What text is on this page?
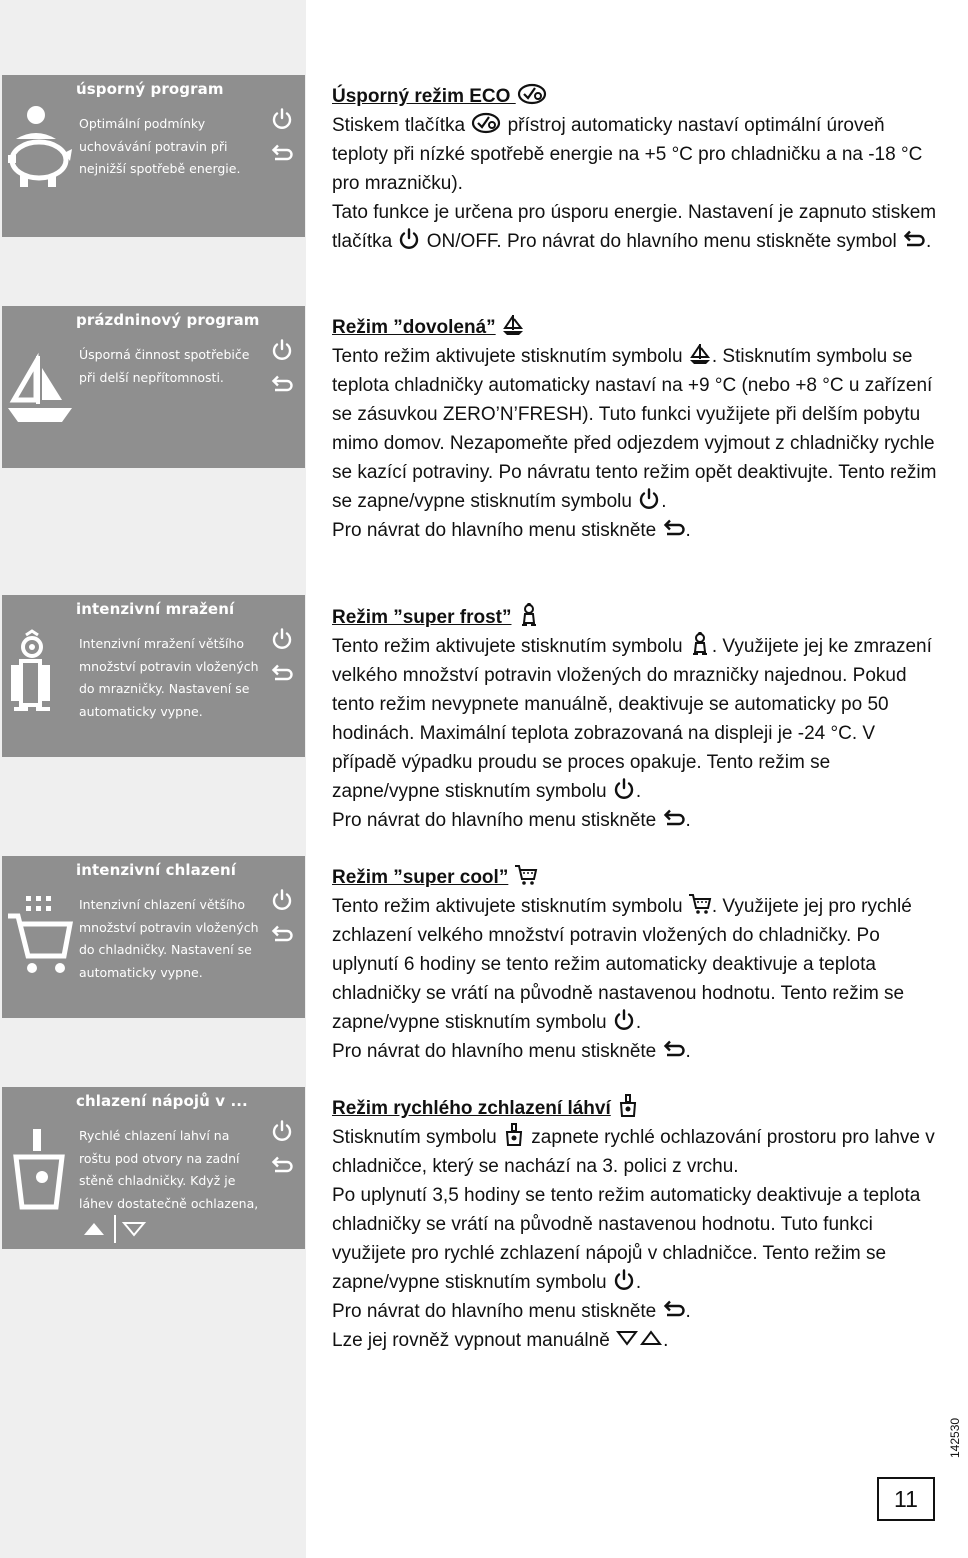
úsporný program
Optimální podmínky uchovávání potravin při nejnižší spotřebě energie.
prázdninový program
Úsporná činnost spotřebiče při delší nepřítomnosti.
intenzivní mražení
Intenzivní mražení většího množství potravin vložených do mrazničky. Nastavení se automaticky vypne.
intenzivní chlazení
Intenzivní chlazení většího množství potravin vložených do chladničky. Nastavení se automaticky vypne.
chlazení nápojů v ...
Rychlé chlazení lahví na roštu pod otvory na zadní stěně chladničky. Když je láhev dostatečně ochlazena,

Úsporný režim ECO

Stiskem tlačítka
přístroj automaticky nastaví optimální úroveň teploty při nízké spotřebě energie na +5 °C pro chladničku a na -18 °C pro mrazničku).

Tato funkce je určena pro úsporu energie. Nastavení je zapnuto stiskem tlačítka
ON/OFF. Pro návrat do hlavního menu stiskněte symbol
.

Režim ”dovolená”

Tento režim aktivujete stisknutím symbolu
. Stisknutím symbolu se teplota chladničky automaticky nastaví na +9 °C (nebo +8 °C u zařízení se zásuvkou ZERO’N’FRESH). Tuto funkci využijete při delším pobytu mimo domov. Nezapomeňte před odjezdem vyjmout z chladničky rychle se kazící potraviny. Po návratu tento režim opět deaktivujte. Tento režim se zapne/vypne stisknutím symbolu
.

Pro návrat do hlavního menu stiskněte
.

Režim ”super frost”

Tento režim aktivujete stisknutím symbolu
. Využijete jej ke zmrazení velkého množství potravin vložených do mrazničky najednou. Pokud tento režim nevypnete manuálně, deaktivuje se automaticky po 50 hodinách. Maximální teplota zobrazovaná na displeji je -24 °C. V případě výpadku proudu se proces opakuje. Tento režim se zapne/vypne stisknutím symbolu
.

Pro návrat do hlavního menu stiskněte
.

Režim ”super cool”

Tento režim aktivujete stisknutím symbolu
. Využijete jej pro rychlé zchlazení velkého množství potravin vložených do chladničky. Po uplynutí 6 hodiny se tento režim automaticky deaktivuje a teplota chladničky se vrátí na původně nastavenou hodnotu. Tento režim se zapne/vypne stisknutím symbolu
.

Pro návrat do hlavního menu stiskněte
.

Režim rychlého zchlazení láhví

Stisknutím symbolu
zapnete rychlé ochlazování prostoru pro lahve v chladničce, který se nachází na 3. polici z vrchu.

Po uplynutí 3,5 hodiny se tento režim automaticky deaktivuje a teplota chladničky se vrátí na původně nastavenou hodnotu. Tuto funkci využijete pro rychlé zchlazení nápojů v chladničce. Tento režim se zapne/vypne stisknutím symbolu
.

Pro návrat do hlavního menu stiskněte
.

Lze jej rovněž vypnout manuálně	.

142530
11
